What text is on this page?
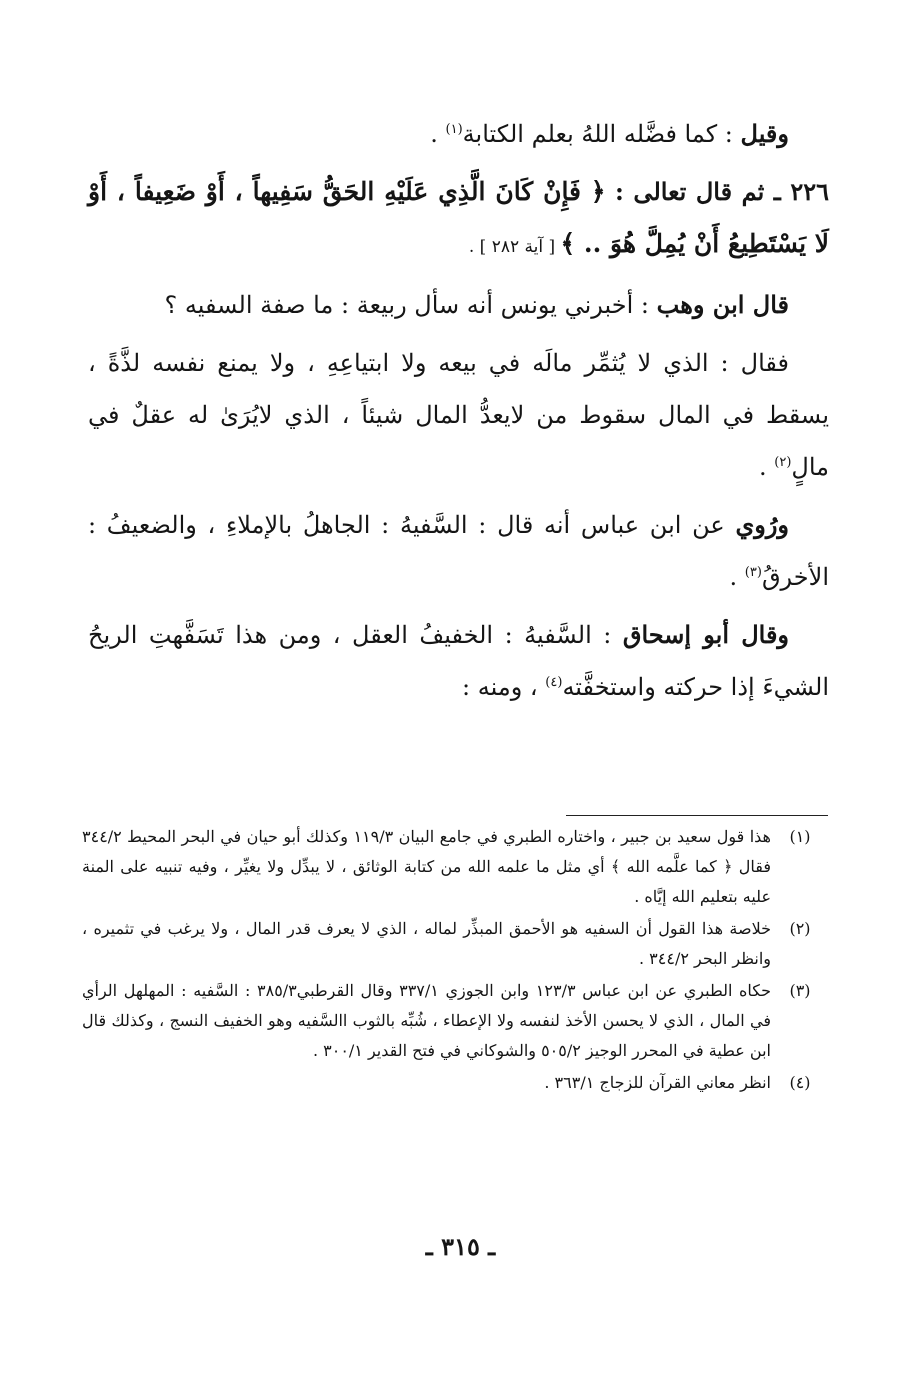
وقيل : كما فضَّله اللهُ بعلم الكتابة$^{(١)}$ .

٢٢٦ ـ ثم قال تعالى : ﴿ فَإِنْ كَانَ الَّذِي عَلَيْهِ الحَقُّ سَفِيهاً ، أَوْ ضَعِيفاً ، أَوْ لَا يَسْتَطِيعُ أَنْ يُمِلَّ هُوَ .. ﴾ [ آية ٢٨٢ ] .

قال ابن وهب : أخبرني يونس أنه سأل ربيعة : ما صفة السفيه ؟

فقال : الذي لا يُثمِّر مالَه في بيعه ولا ابتياعِهِ ، ولا يمنع نفسه لذَّةً ، يسقط في المال سقوط من لايعدُّ المال شيئاً ، الذي لايُرَىٰ له عقلٌ في مالٍ$^{(٢)}$ .

ورُوي عن ابن عباس أنه قال : السَّفيهُ : الجاهلُ بالإملاءِ ، والضعيفُ : الأخرقُ$^{(٣)}$ .

وقال أبو إسحاق : السَّفيهُ : الخفيفُ العقل ، ومن هذا تَسَفَّهتِ الريحُ الشيءَ إذا حركته واستخفَّته$^{(٤)}$ ، ومنه :

(١)
هذا قول سعيد بن جبير ، واختاره الطبري في جامع البيان ١١٩/٣ وكذلك أبو حيان في البحر المحيط ٣٤٤/٢ فقال ﴿ كما علَّمه الله ﴾ أي مثل ما علمه الله من كتابة الوثائق ، لا يبدِّل ولا يغيِّر ، وفيه تنبيه على المنة عليه بتعليم الله إيَّاه .
(٢)
خلاصة هذا القول أن السفيه هو الأحمق المبذِّر لماله ، الذي لا يعرف قدر المال ، ولا يرغب في تثميره ، وانظر البحر ٣٤٤/٢ .
(٣)
حكاه الطبري عن ابن عباس ١٢٣/٣ وابن الجوزي ٣٣٧/١ وقال القرطبي٣٨٥/٣ : السَّفيه : المهلهل الرأي في المال ، الذي لا يحسن الأخذ لنفسه ولا الإعطاء ، شُبِّه بالثوب االسَّفيه وهو الخفيف النسج ، وكذلك قال ابن عطية في المحرر الوجيز ٥٠٥/٢ والشوكاني في فتح القدير ٣٠٠/١ .
(٤)
انظر معاني القرآن للزجاج ٣٦٣/١ .
ـ ٣١٥ ـ
